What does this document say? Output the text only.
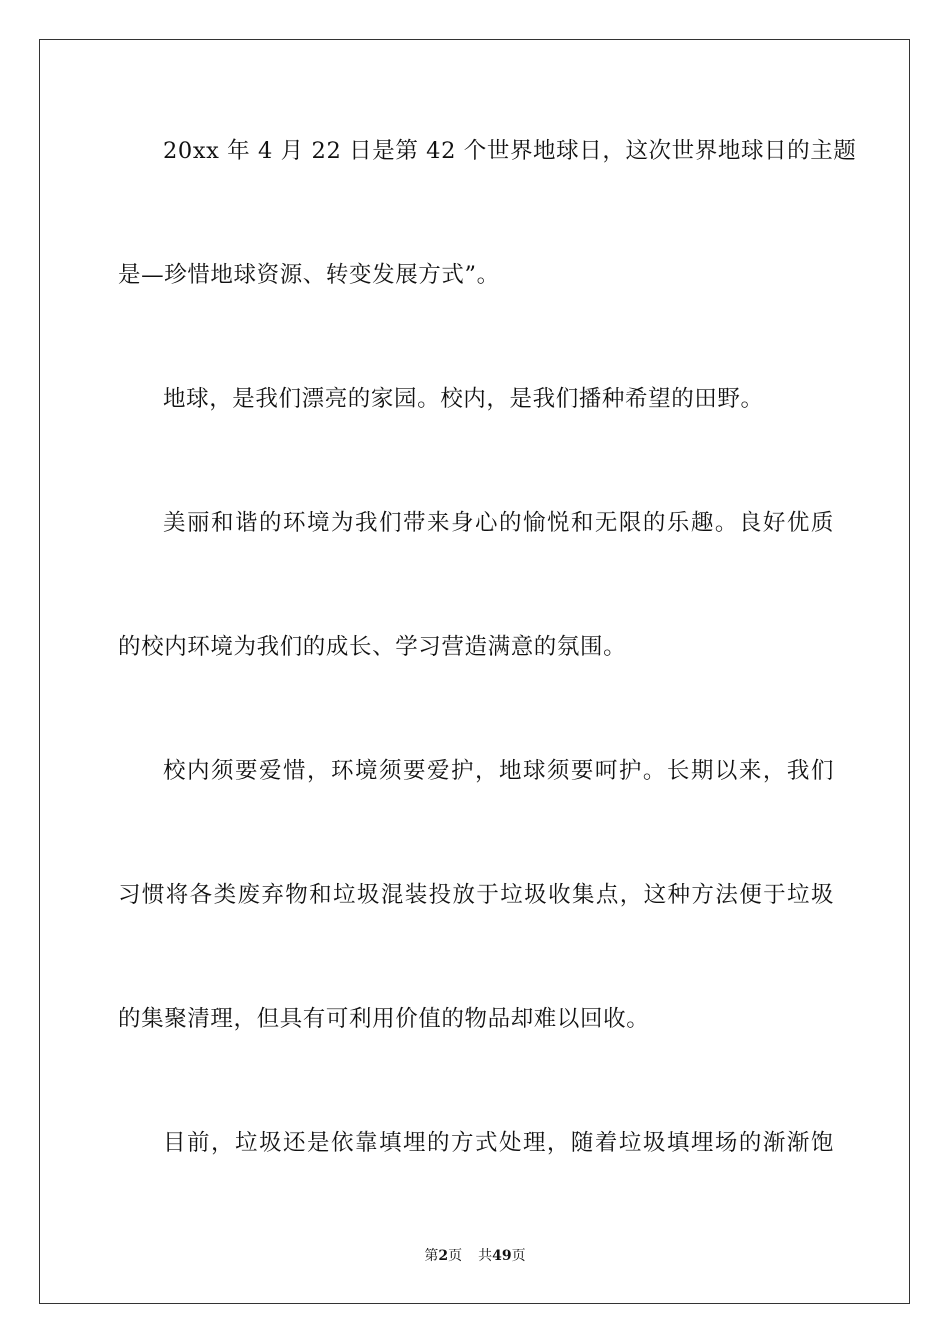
20xx 年 4 月 22 日是第 42 个世界地球日，这次世界地球日的主题
是—珍惜地球资源、转变发展方式”。
地球，是我们漂亮的家园。校内，是我们播种希望的田野。
美丽和谐的环境为我们带来身心的愉悦和无限的乐趣。良好优质
的校内环境为我们的成长、学习营造满意的氛围。
校内须要爱惜，环境须要爱护，地球须要呵护。长期以来，我们
习惯将各类废弃物和垃圾混装投放于垃圾收集点，这种方法便于垃圾
的集聚清理，但具有可利用价值的物品却难以回收。
目前，垃圾还是依靠填埋的方式处理，随着垃圾填埋场的渐渐饱
第2页 共49页
